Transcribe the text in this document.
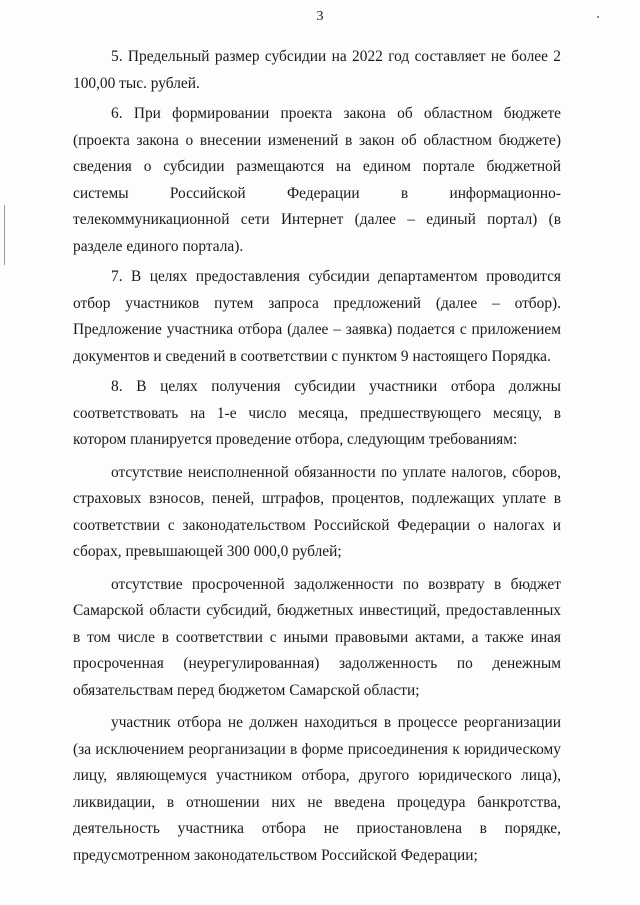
3

5. Предельный размер субсидии на 2022 год составляет не более 2 100,00 тыс. рублей.

6. При формировании проекта закона об областном бюджете (проекта закона о внесении изменений в закон об областном бюджете) сведения о субсидии размещаются на едином портале бюджетной системы Российской Федерации в информационно-телекоммуникационной сети Интернет (далее – единый портал) (в разделе единого портала).

7. В целях предоставления субсидии департаментом проводится отбор участников путем запроса предложений (далее – отбор). Предложение участника отбора (далее – заявка) подается с приложением документов и сведений в соответствии с пунктом 9 настоящего Порядка.

8. В целях получения субсидии участники отбора должны соответствовать на 1-е число месяца, предшествующего месяцу, в котором планируется проведение отбора, следующим требованиям:

отсутствие неисполненной обязанности по уплате налогов, сборов, страховых взносов, пеней, штрафов, процентов, подлежащих уплате в соответствии с законодательством Российской Федерации о налогах и сборах, превышающей 300 000,0 рублей;

отсутствие просроченной задолженности по возврату в бюджет Самарской области субсидий, бюджетных инвестиций, предоставленных в том числе в соответствии с иными правовыми актами, а также иная просроченная (неурегулированная) задолженность по денежным обязательствам перед бюджетом Самарской области;

участник отбора не должен находиться в процессе реорганизации (за исключением реорганизации в форме присоединения к юридическому лицу, являющемуся участником отбора, другого юридического лица), ликвидации, в отношении них не введена процедура банкротства, деятельность участника отбора не приостановлена в порядке, предусмотренном законодательством Российской Федерации;
